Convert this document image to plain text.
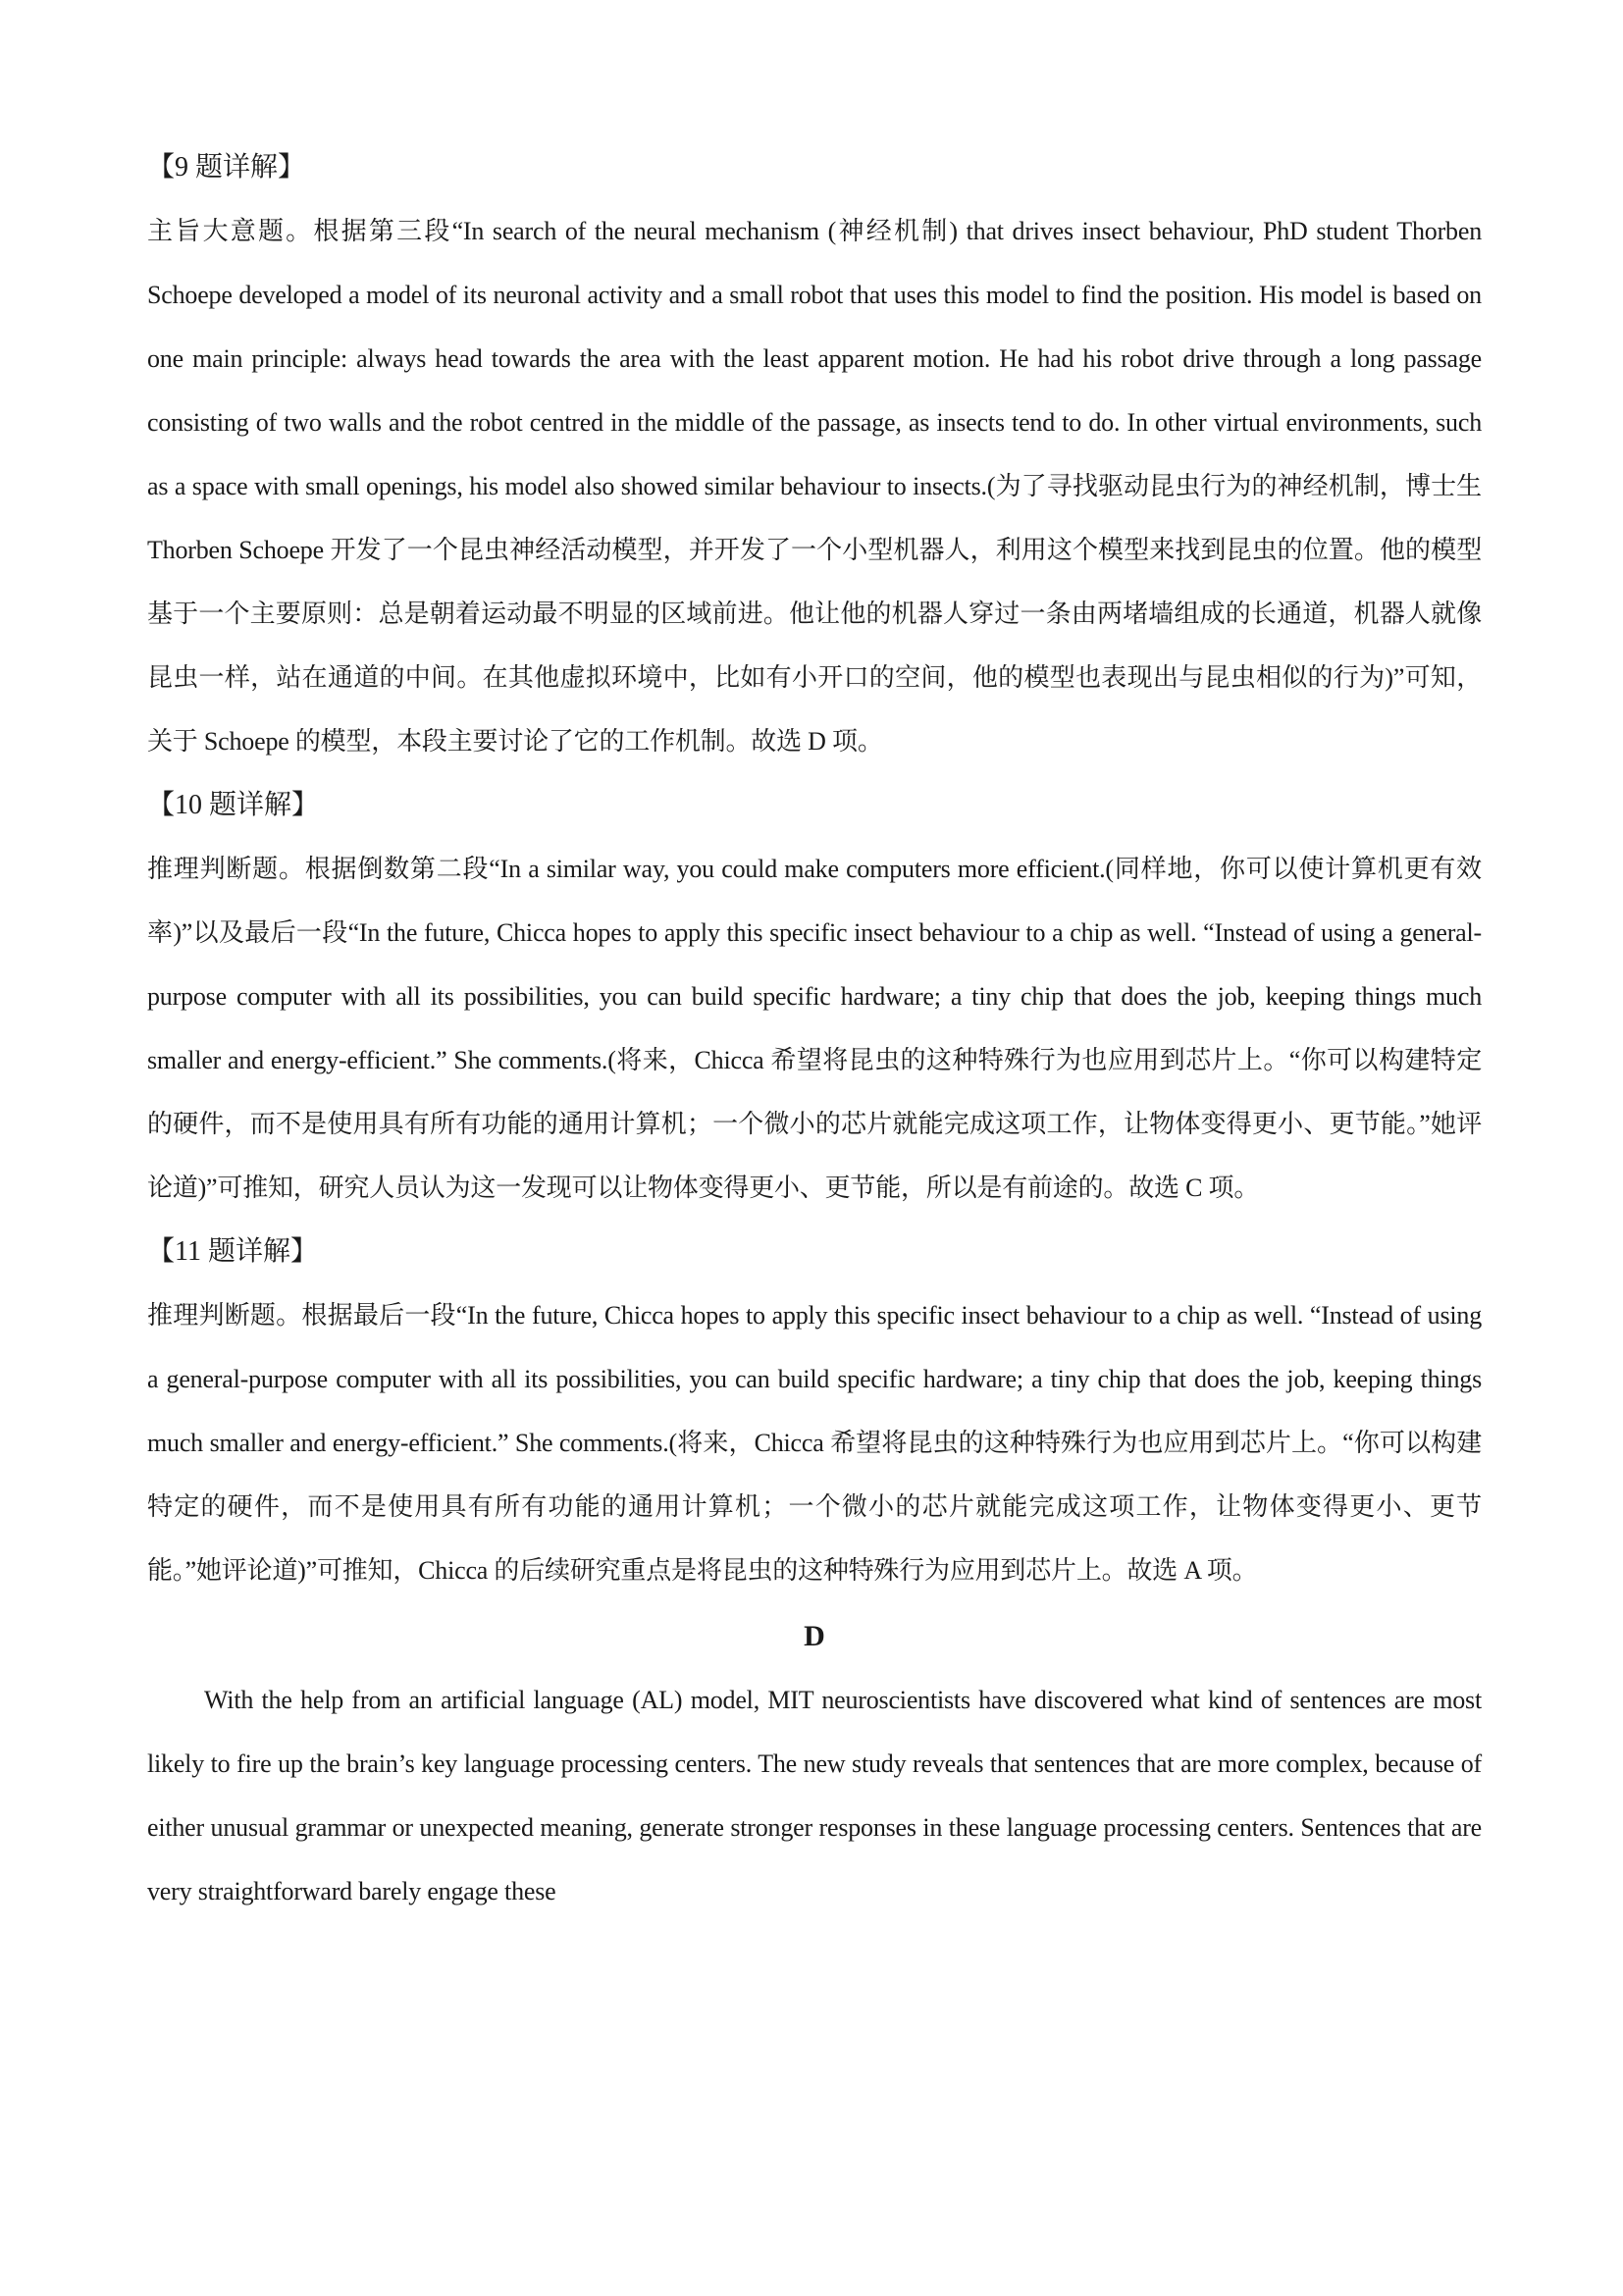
【9 题详解】

主旨大意题。根据第三段“In search of the neural mechanism (神经机制) that drives insect behaviour, PhD student Thorben Schoepe developed a model of its neuronal activity and a small robot that uses this model to find the position. His model is based on one main principle: always head towards the area with the least apparent motion. He had his robot drive through a long passage consisting of two walls and the robot centred in the middle of the passage, as insects tend to do. In other virtual environments, such as a space with small openings, his model also showed similar behaviour to insects.(为了寻找驱动昆虫行为的神经机制，博士生 Thorben Schoepe 开发了一个昆虫神经活动模型，并开发了一个小型机器人，利用这个模型来找到昆虫的位置。他的模型基于一个主要原则：总是朝着运动最不明显的区域前进。他让他的机器人穿过一条由两堵墙组成的长通道，机器人就像昆虫一样，站在通道的中间。在其他虚拟环境中，比如有小开口的空间，他的模型也表现出与昆虫相似的行为)”可知，关于 Schoepe 的模型，本段主要讨论了它的工作机制。故选 D 项。

【10 题详解】

推理判断题。根据倒数第二段“In a similar way, you could make computers more efficient.(同样地，你可以使计算机更有效率)”以及最后一段“In the future, Chicca hopes to apply this specific insect behaviour to a chip as well. “Instead of using a general-purpose computer with all its possibilities, you can build specific hardware; a tiny chip that does the job, keeping things much smaller and energy-efficient.” She comments.(将来，Chicca 希望将昆虫的这种特殊行为也应用到芯片上。“你可以构建特定的硬件，而不是使用具有所有功能的通用计算机；一个微小的芯片就能完成这项工作，让物体变得更小、更节能。”她评论道)”可推知，研究人员认为这一发现可以让物体变得更小、更节能，所以是有前途的。故选 C 项。

【11 题详解】

推理判断题。根据最后一段“In the future, Chicca hopes to apply this specific insect behaviour to a chip as well. “Instead of using a general-purpose computer with all its possibilities, you can build specific hardware; a tiny chip that does the job, keeping things much smaller and energy-efficient.” She comments.(将来，Chicca 希望将昆虫的这种特殊行为也应用到芯片上。“你可以构建特定的硬件，而不是使用具有所有功能的通用计算机；一个微小的芯片就能完成这项工作，让物体变得更小、更节能。”她评论道)”可推知，Chicca 的后续研究重点是将昆虫的这种特殊行为应用到芯片上。故选 A 项。

D

With the help from an artificial language (AL) model, MIT neuroscientists have discovered what kind of sentences are most likely to fire up the brain’s key language processing centers. The new study reveals that sentences that are more complex, because of either unusual grammar or unexpected meaning, generate stronger responses in these language processing centers. Sentences that are very straightforward barely engage these
